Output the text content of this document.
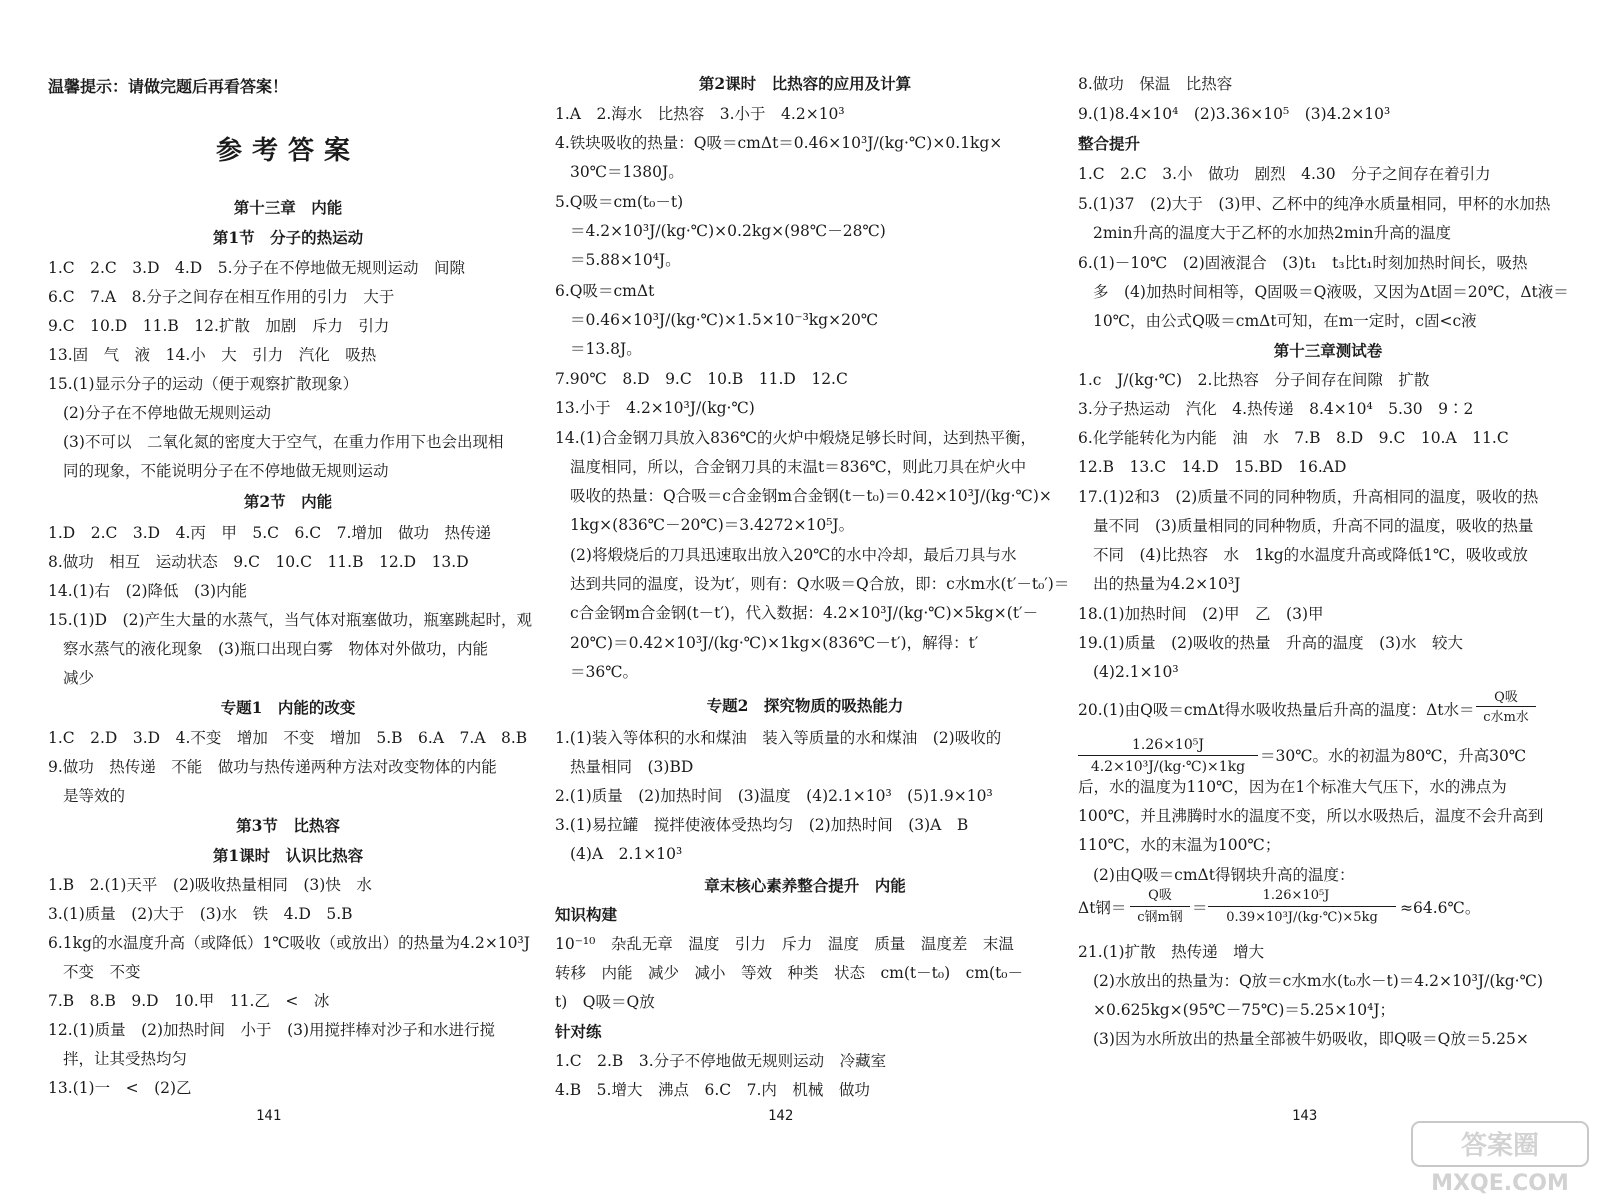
温馨提示：请做完题后再看答案！
参考答案
第十三章　内能
第1节　分子的热运动
1.C　2.C　3.D　4.D　5.分子在不停地做无规则运动　间隙
6.C　7.A　8.分子之间存在相互作用的引力　大于
9.C　10.D　11.B　12.扩散　加剧　斥力　引力
13.固　气　液　14.小　大　引力　汽化　吸热
15.(1)显示分子的运动（便于观察扩散现象）
(2)分子在不停地做无规则运动
(3)不可以　二氧化氮的密度大于空气，在重力作用下也会出现相
同的现象，不能说明分子在不停地做无规则运动
第2节　内能
1.D　2.C　3.D　4.丙　甲　5.C　6.C　7.增加　做功　热传递
8.做功　相互　运动状态　9.C　10.C　11.B　12.D　13.D
14.(1)右　(2)降低　(3)内能
15.(1)D　(2)产生大量的水蒸气，当气体对瓶塞做功，瓶塞跳起时，观
察水蒸气的液化现象　(3)瓶口出现白雾　物体对外做功，内能
减少
专题1　内能的改变
1.C　2.D　3.D　4.不变　增加　不变　增加　5.B　6.A　7.A　8.B
9.做功　热传递　不能　做功与热传递两种方法对改变物体的内能
是等效的
第3节　比热容
第1课时　认识比热容
1.B　2.(1)天平　(2)吸收热量相同　(3)快　水
3.(1)质量　(2)大于　(3)水　铁　4.D　5.B
6.1kg的水温度升高（或降低）1℃吸收（或放出）的热量为4.2×10³J
不变　不变
7.B　8.B　9.D　10.甲　11.乙　<　冰
12.(1)质量　(2)加热时间　小于　(3)用搅拌棒对沙子和水进行搅
拌，让其受热均匀
13.(1)一　<　(2)乙
141
第2课时　比热容的应用及计算
1.A　2.海水　比热容　3.小于　4.2×10³
4.铁块吸收的热量：Q吸＝cmΔt＝0.46×10³J/(kg·℃)×0.1kg×
30℃＝1380J。
5.Q吸＝cm(t₀－t)
＝4.2×10³J/(kg·℃)×0.2kg×(98℃－28℃)
＝5.88×10⁴J。
6.Q吸＝cmΔt
＝0.46×10³J/(kg·℃)×1.5×10⁻³kg×20℃
＝13.8J。
7.90℃　8.D　9.C　10.B　11.D　12.C
13.小于　4.2×10³J/(kg·℃)
14.(1)合金钢刀具放入836℃的火炉中煅烧足够长时间，达到热平衡，
温度相同，所以，合金钢刀具的末温t＝836℃，则此刀具在炉火中
吸收的热量：Q合吸＝c合金钢m合金钢(t－t₀)＝0.42×10³J/(kg·℃)×
1kg×(836℃－20℃)＝3.4272×10⁵J。
(2)将煅烧后的刀具迅速取出放入20℃的水中冷却，最后刀具与水
达到共同的温度，设为t′，则有：Q水吸＝Q合放，即：c水m水(t′－t₀′)＝
c合金钢m合金钢(t－t′)，代入数据：4.2×10³J/(kg·℃)×5kg×(t′－
20℃)＝0.42×10³J/(kg·℃)×1kg×(836℃－t′)，解得：t′
＝36℃。
专题2　探究物质的吸热能力
1.(1)装入等体积的水和煤油　装入等质量的水和煤油　(2)吸收的
热量相同　(3)BD
2.(1)质量　(2)加热时间　(3)温度　(4)2.1×10³　(5)1.9×10³
3.(1)易拉罐　搅拌使液体受热均匀　(2)加热时间　(3)A　B
(4)A　2.1×10³
章末核心素养整合提升　内能
知识构建
10⁻¹⁰　杂乱无章　温度　引力　斥力　温度　质量　温度差　末温
转移　内能　减少　减小　等效　种类　状态　cm(t－t₀)　cm(t₀－
t)　Q吸＝Q放
针对练
1.C　2.B　3.分子不停地做无规则运动　冷藏室
4.B　5.增大　沸点　6.C　7.内　机械　做功
142
8.做功　保温　比热容
9.(1)8.4×10⁴　(2)3.36×10⁵　(3)4.2×10³
整合提升
1.C　2.C　3.小　做功　剧烈　4.30　分子之间存在着引力
5.(1)37　(2)大于　(3)甲、乙杯中的纯净水质量相同，甲杯的水加热
2min升高的温度大于乙杯的水加热2min升高的温度
6.(1)－10℃　(2)固液混合　(3)t₁　t₃比t₁时刻加热时间长，吸热
多　(4)加热时间相等，Q固吸＝Q液吸，又因为Δt固＝20℃，Δt液＝
10℃，由公式Q吸＝cmΔt可知，在m一定时，c固<c液
第十三章测试卷
1.c　J/(kg·℃)　2.比热容　分子间存在间隙　扩散
3.分子热运动　汽化　4.热传递　8.4×10⁴　5.30　9∶2
6.化学能转化为内能　油　水　7.B　8.D　9.C　10.A　11.C
12.B　13.C　14.D　15.BD　16.AD
17.(1)2和3　(2)质量不同的同种物质，升高相同的温度，吸收的热
量不同　(3)质量相同的同种物质，升高不同的温度，吸收的热量
不同　(4)比热容　水　1kg的水温度升高或降低1℃，吸收或放
出的热量为4.2×10³J
18.(1)加热时间　(2)甲　乙　(3)甲
19.(1)质量　(2)吸收的热量　升高的温度　(3)水　较大
(4)2.1×10³
20.(1)由Q吸＝cmΔt得水吸收热量后升高的温度：Δt水＝
Q吸
c水m水
1.26×10⁵J
4.2×10³J/(kg·℃)×1kg
＝30℃。水的初温为80℃，升高30℃
后，水的温度为110℃，因为在1个标准大气压下，水的沸点为
100℃，并且沸腾时水的温度不变，所以水吸热后，温度不会升高到
110℃，水的末温为100℃；
(2)由Q吸＝cmΔt得钢块升高的温度：
Δt钢＝
Q吸
c钢m钢
1.26×10⁵J
＝
0.39×10³J/(kg·℃)×5kg
≈64.6℃。
21.(1)扩散　热传递　增大
(2)水放出的热量为：Q放＝c水m水(t₀水－t)＝4.2×10³J/(kg·℃)
×0.625kg×(95℃－75℃)＝5.25×10⁴J；
(3)因为水所放出的热量全部被牛奶吸收，即Q吸＝Q放＝5.25×
143
答案圈
MXQE.COM
